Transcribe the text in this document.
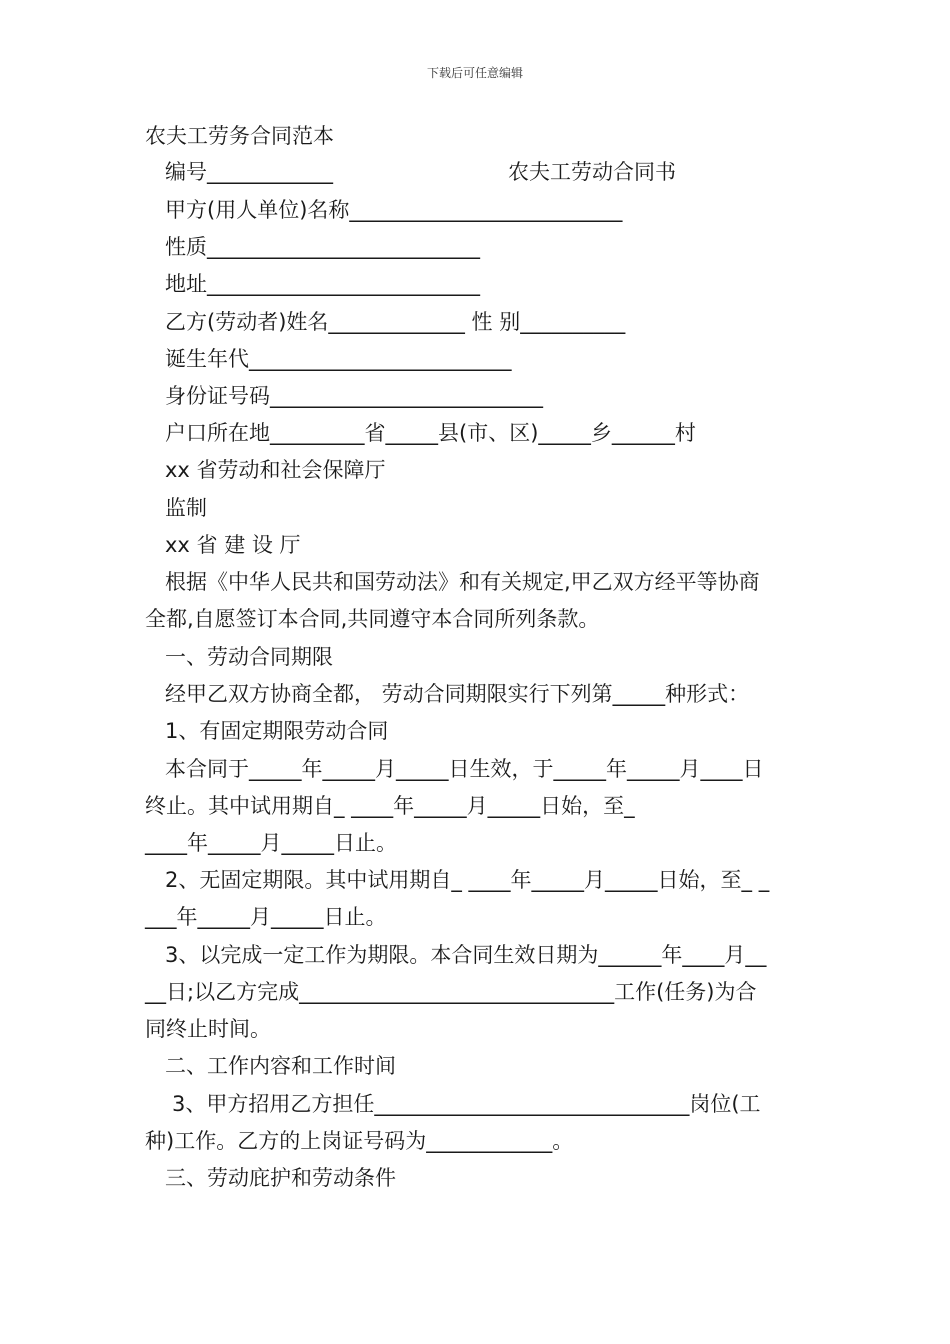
下载后可任意编辑
农夫工劳务合同范本
编号____________	农夫工劳动合同书
甲方(用人单位)名称__________________________
性质__________________________
地址__________________________
乙方(劳动者)姓名_____________ 性 别__________
诞生年代_________________________
身份证号码__________________________
户口所在地_________省_____县(市、区)_____乡______村
xx 省劳动和社会保障厅
监制
xx 省 建 设 厅
根据《中华人民共和国劳动法》和有关规定,甲乙双方经平等协商
全都,自愿签订本合同,共同遵守本合同所列条款。
一、劳动合同期限
经甲乙双方协商全都， 劳动合同期限实行下列第_____种形式：
1、有固定期限劳动合同
本合同于_____年_____月_____日生效，于_____年_____月____日
终止。其中试用期自_ ____年_____月_____日始，至_
____年_____月_____日止。
2、无固定期限。其中试用期自_ ____年_____月_____日始，至_ _
___年_____月_____日止。
3、以完成一定工作为期限。本合同生效日期为______年____月__
__日;以乙方完成______________________________工作(任务)为合
同终止时间。
二、工作内容和工作时间
3、甲方招用乙方担任______________________________岗位(工
种)工作。乙方的上岗证号码为____________。
三、劳动庇护和劳动条件
